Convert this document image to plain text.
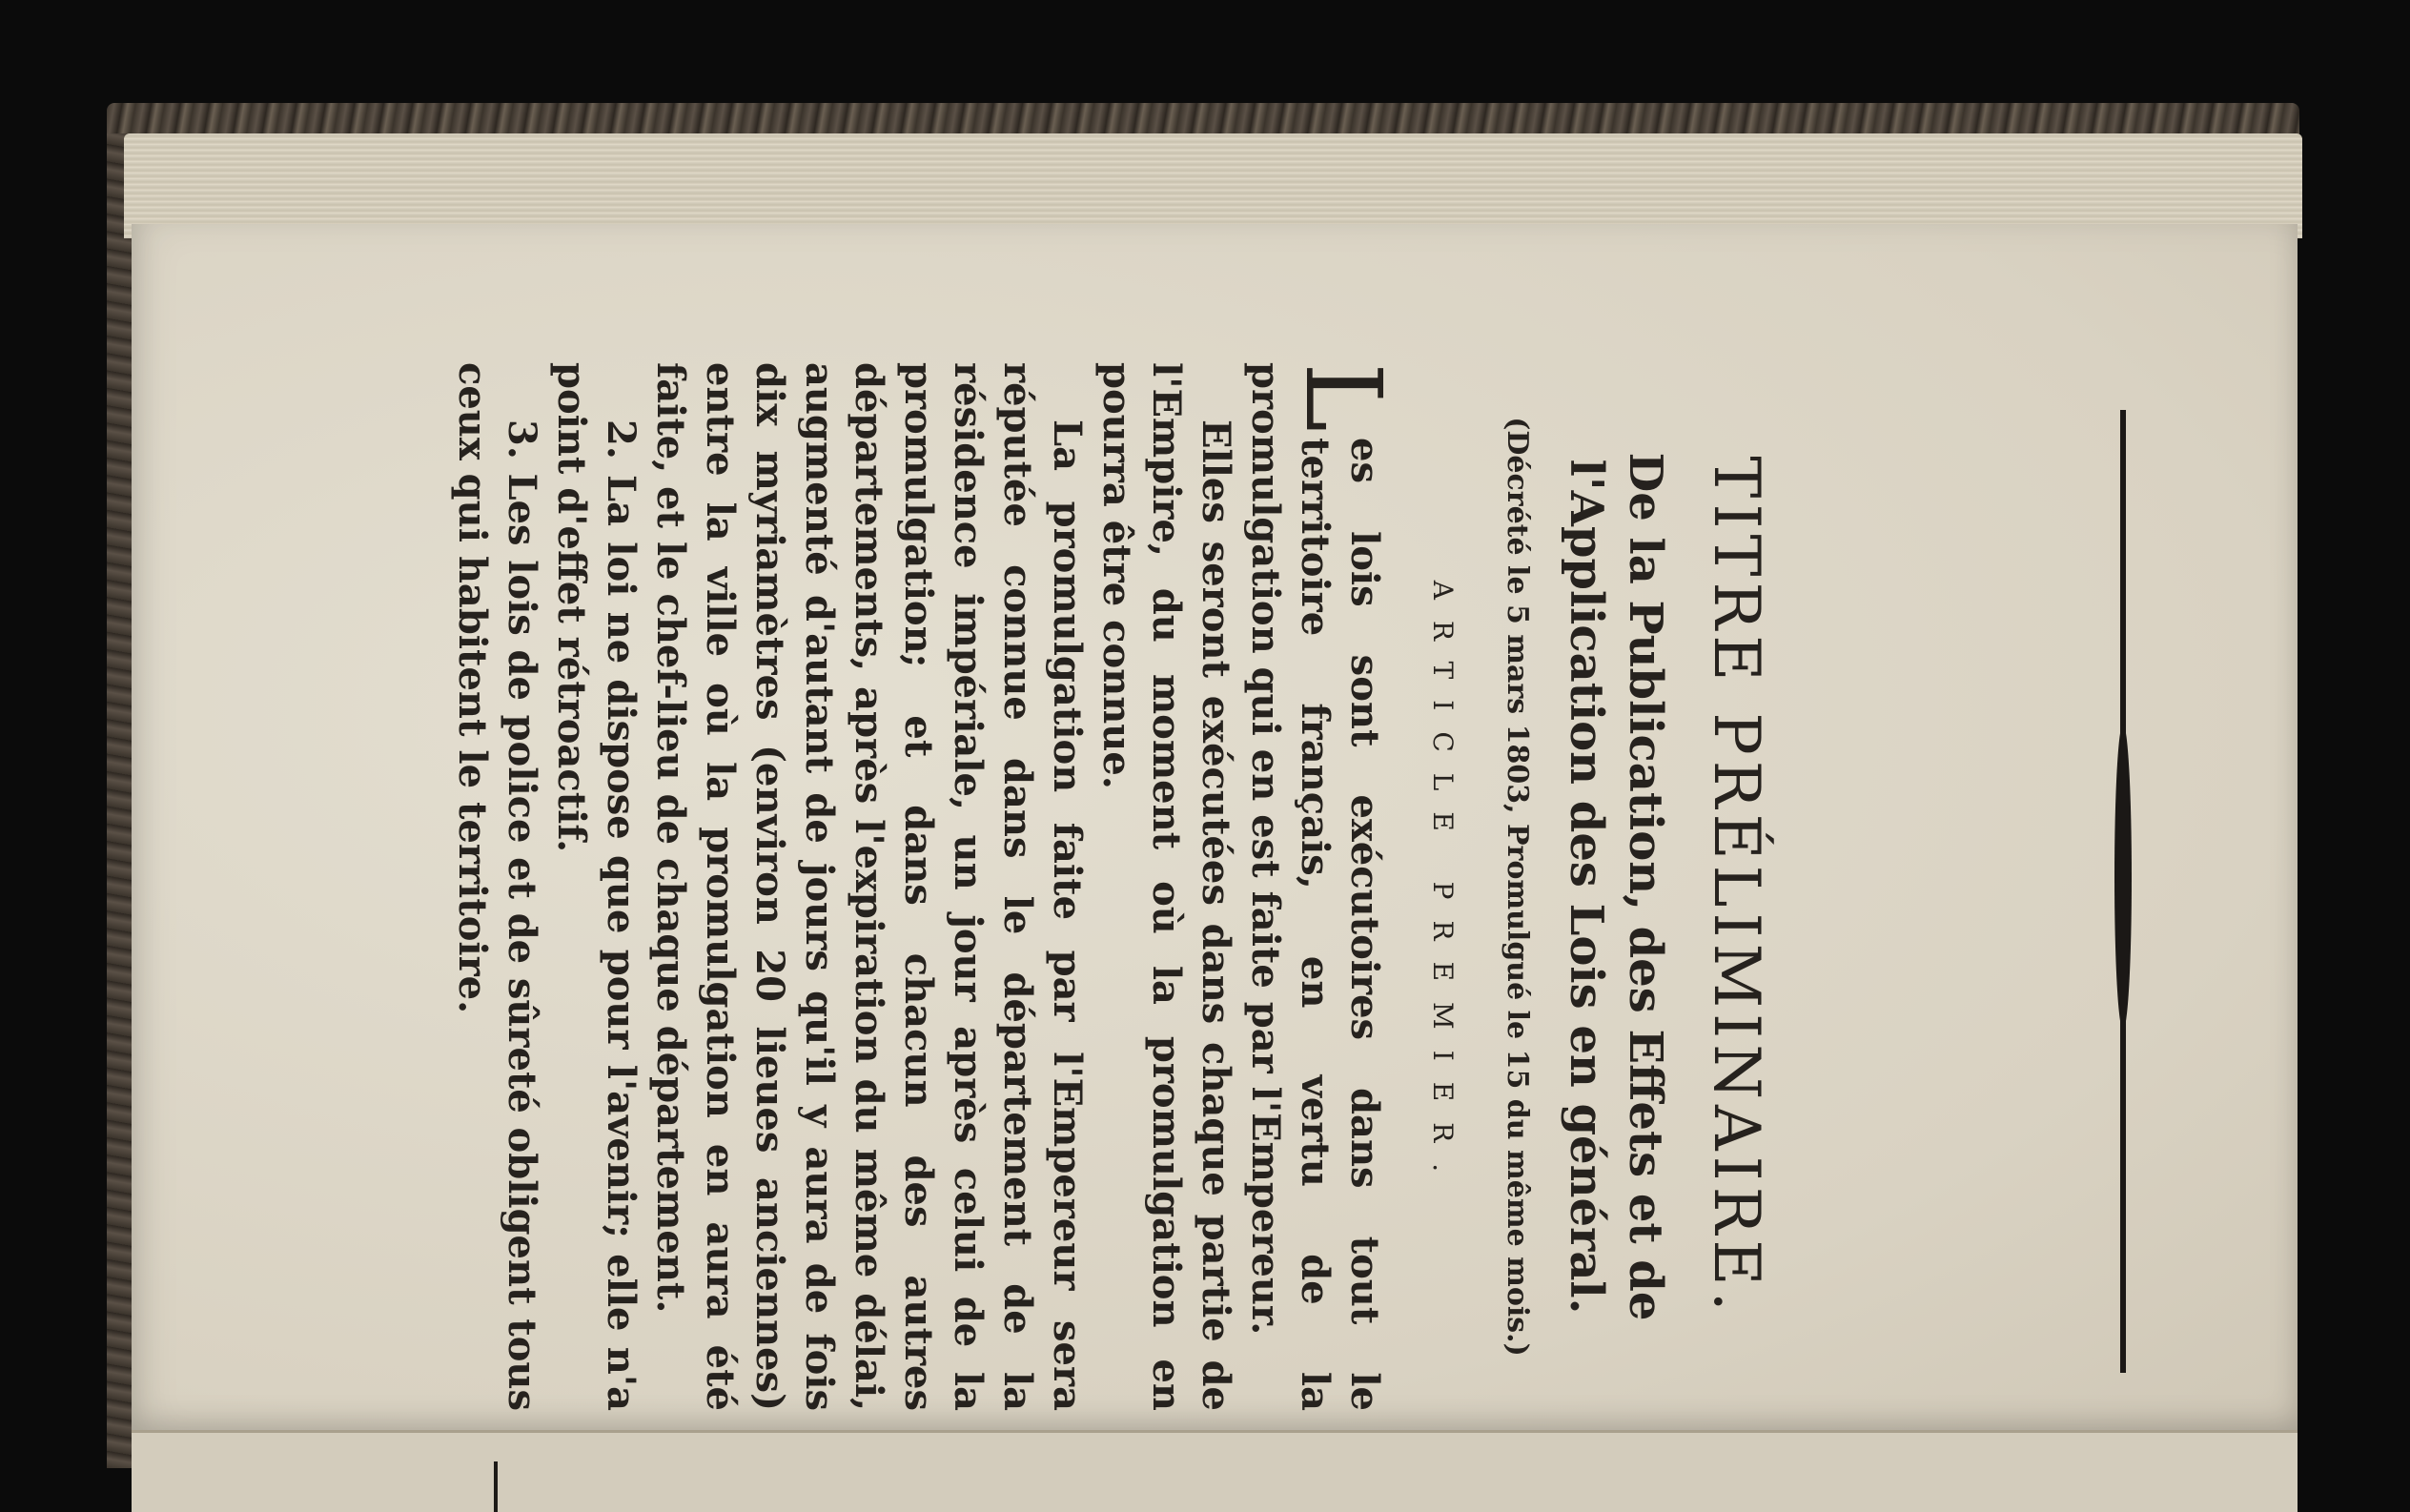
TITRE PRÉLIMINAIRE.
De la Publication, des Effets et de l'Application des Lois en général.
(Décrété le 5 mars 1803, Promulgué le 15 du même mois.)
ARTICLE PREMIER.

L
es lois sont exécutoires dans tout le territoire français, en vertu de la promulgation qui en est faite par l'Empereur.

Elles seront exécutées dans chaque partie de l'Empire, du moment où la promulgation en pourra être connue.

La promulgation faite par l'Empereur sera réputée connue dans le département de la résidence impériale, un jour après celui de la promulgation; et dans chacun des autres départements, après l'expiration du même délai, augmenté d'autant de jours qu'il y aura de fois dix myriamètres (environ 20 lieues anciennes) entre la ville où la promulgation en aura été faite, et le chef-lieu de chaque département.

2. La loi ne dispose que pour l'avenir; elle n'a point d'effet rétroactif.

3. Les lois de police et de sûreté obligent tous ceux qui habitent le territoire.
